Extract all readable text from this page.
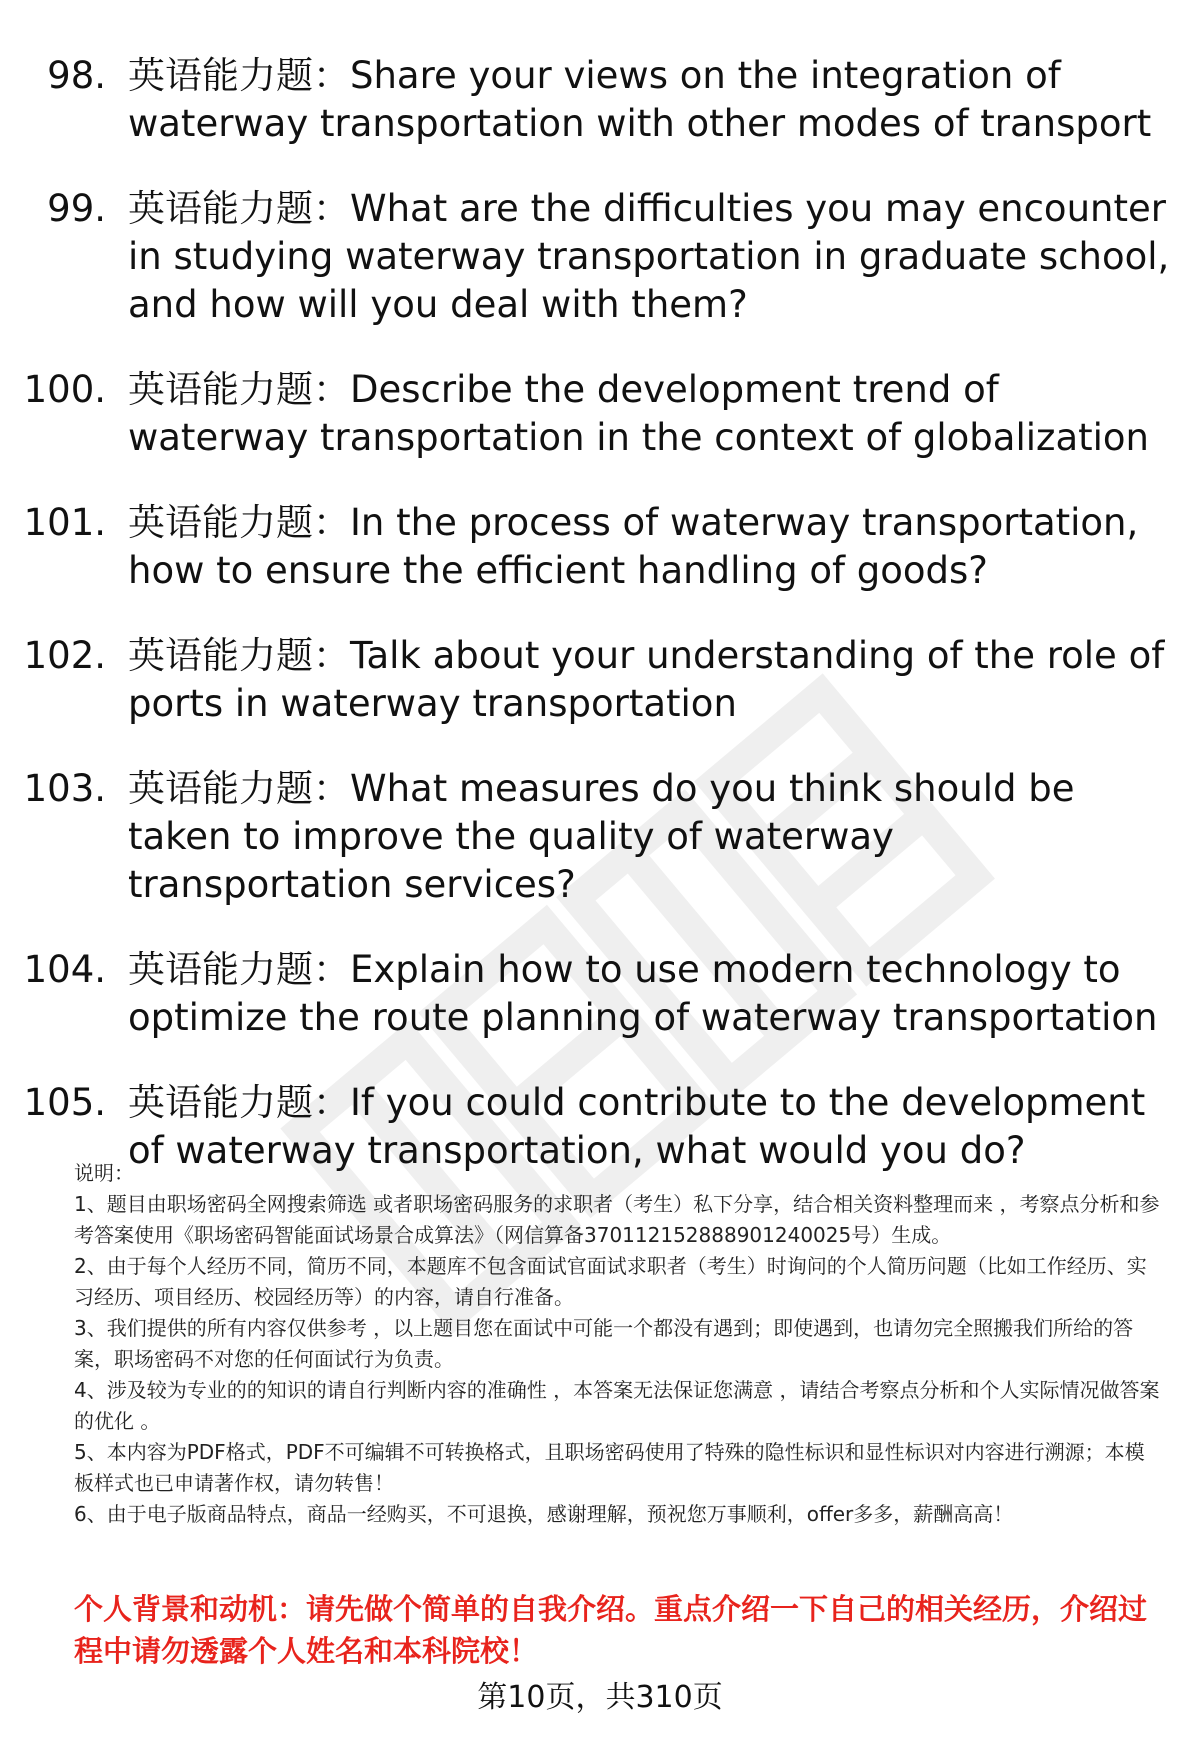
98. 英语能力题：Share your views on the integration of waterway transportation with other modes of transport
99. 英语能力题：What are the difficulties you may encounter in studying waterway transportation in graduate school, and how will you deal with them?
100. 英语能力题：Describe the development trend of waterway transportation in the context of globalization
101. 英语能力题：In the process of waterway transportation, how to ensure the efficient handling of goods?
102. 英语能力题：Talk about your understanding of the role of ports in waterway transportation
103. 英语能力题：What measures do you think should be taken to improve the quality of waterway transportation services?
104. 英语能力题：Explain how to use modern technology to optimize the route planning of waterway transportation
105. 英语能力题：If you could contribute to the development of waterway transportation, what would you do?

说明：

1、题目由职场密码全网搜索筛选 或者职场密码服务的求职者（考生）私下分享，结合相关资料整理而来 ，考察点分析和参考答案使用《职场密码智能面试场景合成算法》（网信算备370112152888901240025号）生成。

2、由于每个人经历不同，简历不同，本题库不包含面试官面试求职者（考生）时询问的个人简历问题（比如工作经历、实习经历、项目经历、校园经历等）的内容，请自行准备。

3、我们提供的所有内容仅供参考 ，以上题目您在面试中可能一个都没有遇到；即使遇到，也请勿完全照搬我们所给的答案，职场密码不对您的任何面试行为负责。

4、涉及较为专业的的知识的请自行判断内容的准确性 ，本答案无法保证您满意 ，请结合考察点分析和个人实际情况做答案的优化 。

5、本内容为PDF格式，PDF不可编辑不可转换格式，且职场密码使用了特殊的隐性标识和显性标识对内容进行溯源；本模板样式也已申请著作权，请勿转售！

6、由于电子版商品特点，商品一经购买，不可退换，感谢理解，预祝您万事顺利，offer多多，薪酬高高！

个人背景和动机：请先做个简单的自我介绍。重点介绍一下自己的相关经历，介绍过程中请勿透露个人姓名和本科院校！
第10页，共310页
